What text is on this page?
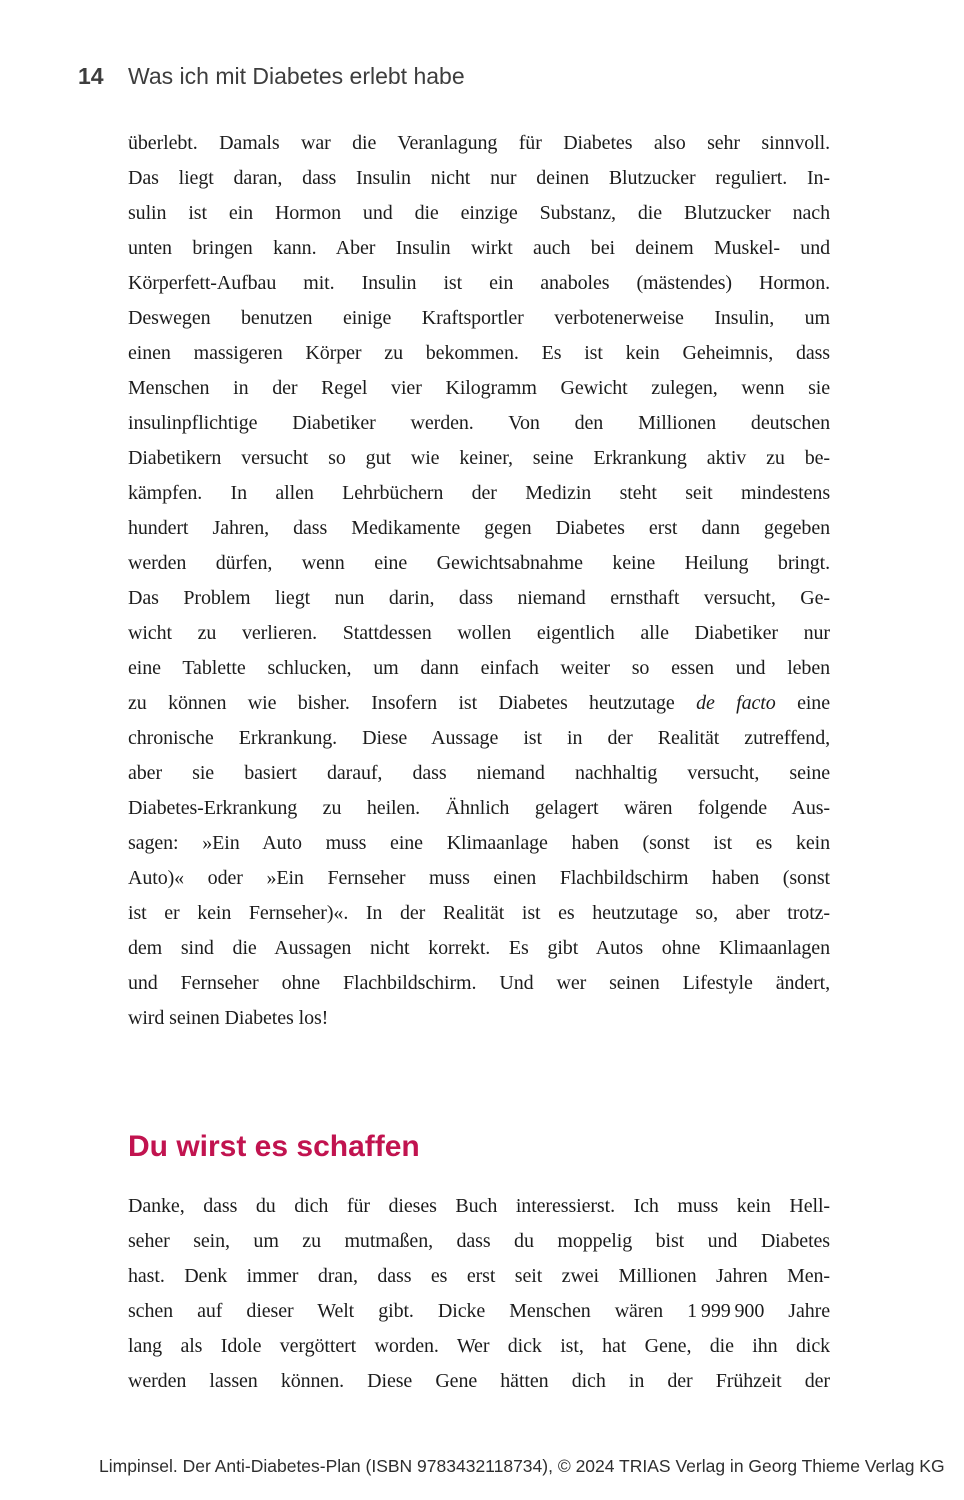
14 Was ich mit Diabetes erlebt habe
überlebt. Damals war die Veranlagung für Diabetes also sehr sinnvoll.
Das liegt daran, dass Insulin nicht nur deinen Blutzucker reguliert. In-
sulin ist ein Hormon und die einzige Substanz, die Blutzucker nach
unten bringen kann. Aber Insulin wirkt auch bei deinem Muskel- und
Körperfett-Aufbau mit. Insulin ist ein anaboles (mästendes) Hormon.
Deswegen benutzen einige Kraftsportler verbotenerweise Insulin, um
einen massigeren Körper zu bekommen. Es ist kein Geheimnis, dass
Menschen in der Regel vier Kilogramm Gewicht zulegen, wenn sie
insulinpflichtige Diabetiker werden. Von den Millionen deutschen
Diabetikern versucht so gut wie keiner, seine Erkrankung aktiv zu be-
kämpfen. In allen Lehrbüchern der Medizin steht seit mindestens
hundert Jahren, dass Medikamente gegen Diabetes erst dann gegeben
werden dürfen, wenn eine Gewichtsabnahme keine Heilung bringt.
Das Problem liegt nun darin, dass niemand ernsthaft versucht, Ge-
wicht zu verlieren. Stattdessen wollen eigentlich alle Diabetiker nur
eine Tablette schlucken, um dann einfach weiter so essen und leben
zu können wie bisher. Insofern ist Diabetes heutzutage de facto eine
chronische Erkrankung. Diese Aussage ist in der Realität zutreffend,
aber sie basiert darauf, dass niemand nachhaltig versucht, seine
Diabetes-Erkrankung zu heilen. Ähnlich gelagert wären folgende Aus-
sagen: »Ein Auto muss eine Klimaanlage haben (sonst ist es kein
Auto)« oder »Ein Fernseher muss einen Flachbildschirm haben (sonst
ist er kein Fernseher)«. In der Realität ist es heutzutage so, aber trotz-
dem sind die Aussagen nicht korrekt. Es gibt Autos ohne Klimaanlagen
und Fernseher ohne Flachbildschirm. Und wer seinen Lifestyle ändert,
wird seinen Diabetes los!
Du wirst es schaffen
Danke, dass du dich für dieses Buch interessierst. Ich muss kein Hell-
seher sein, um zu mutmaßen, dass du moppelig bist und Diabetes
hast. Denk immer dran, dass es erst seit zwei Millionen Jahren Men-
schen auf dieser Welt gibt. Dicke Menschen wären 1 999 900 Jahre
lang als Idole vergöttert worden. Wer dick ist, hat Gene, die ihn dick
werden lassen können. Diese Gene hätten dich in der Frühzeit der
Limpinsel. Der Anti-Diabetes-Plan (ISBN 9783432118734), © 2024 TRIAS Verlag in Georg Thieme Verlag KG
